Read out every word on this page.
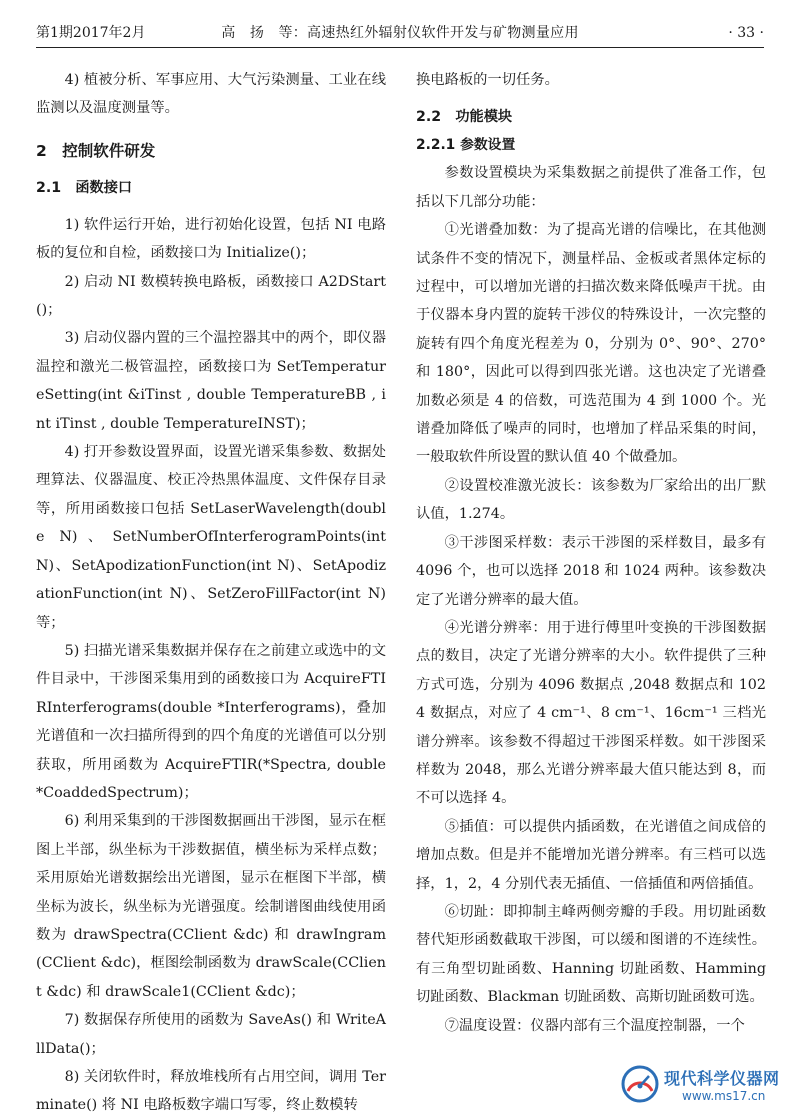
第1期2017年2月	高　扬　等：高速热红外辐射仪软件开发与矿物测量应用	· 33 ·

4) 植被分析、军事应用、大气污染测量、工业在线监测以及温度测量等。

2　控制软件研发
2.1　函数接口

1) 软件运行开始，进行初始化设置，包括 NI 电路板的复位和自检，函数接口为 Initialize()；

2) 启动 NI 数模转换电路板，函数接口 A2DStart()；

3) 启动仪器内置的三个温控器其中的两个，即仪器温控和激光二极管温控，函数接口为 SetTemperatureSetting(int &iTinst , double TemperatureBB , int iTinst , double TemperatureINST)；

4) 打开参数设置界面，设置光谱采集参数、数据处理算法、仪器温度、校正冷热黑体温度、文件保存目录等，所用函数接口包括 SetLaserWavelength(double N)、SetNumberOfInterferogramPoints(int N)、SetApodizationFunction(int N)、SetApodizationFunction(int N)、SetZeroFillFactor(int N) 等；

5) 扫描光谱采集数据并保存在之前建立或选中的文件目录中，干涉图采集用到的函数接口为 AcquireFTIRInterferograms(double *Interferograms)，叠加光谱值和一次扫描所得到的四个角度的光谱值可以分别获取，所用函数为 AcquireFTIR(*Spectra, double *CoaddedSpectrum)；

6) 利用采集到的干涉图数据画出干涉图，显示在框图上半部，纵坐标为干涉数据值，横坐标为采样点数；采用原始光谱数据绘出光谱图，显示在框图下半部，横坐标为波长，纵坐标为光谱强度。绘制谱图曲线使用函数为 drawSpectra(CClient &dc) 和 drawIngram(CClient &dc)，框图绘制函数为 drawScale(CClient &dc) 和 drawScale1(CClient &dc)；

7) 数据保存所使用的函数为 SaveAs() 和 WriteAllData()；

8) 关闭软件时，释放堆栈所有占用空间，调用 Terminate() 将 NI 电路板数字端口写零，终止数模转

换电路板的一切任务。

2.2　功能模块
2.2.1 参数设置

参数设置模块为采集数据之前提供了准备工作，包括以下几部分功能：

①光谱叠加数：为了提高光谱的信噪比，在其他测试条件不变的情况下，测量样品、金板或者黑体定标的过程中，可以增加光谱的扫描次数来降低噪声干扰。由于仪器本身内置的旋转干涉仪的特殊设计，一次完整的旋转有四个角度光程差为 0，分别为 0°、90°、270° 和 180°，因此可以得到四张光谱。这也决定了光谱叠加数必须是 4 的倍数，可选范围为 4 到 1000 个。光谱叠加降低了噪声的同时，也增加了样品采集的时间，一般取软件所设置的默认值 40 个做叠加。

②设置校准激光波长：该参数为厂家给出的出厂默认值，1.274。

③干涉图采样数：表示干涉图的采样数目，最多有 4096 个，也可以选择 2018 和 1024 两种。该参数决定了光谱分辨率的最大值。

④光谱分辨率：用于进行傅里叶变换的干涉图数据点的数目，决定了光谱分辨率的大小。软件提供了三种方式可选，分别为 4096 数据点 ,2048 数据点和 1024 数据点，对应了 4 cm⁻¹、8 cm⁻¹、16cm⁻¹ 三档光谱分辨率。该参数不得超过干涉图采样数。如干涉图采样数为 2048，那么光谱分辨率最大值只能达到 8，而不可以选择 4。

⑤插值：可以提供内插函数，在光谱值之间成倍的增加点数。但是并不能增加光谱分辨率。有三档可以选择，1，2，4 分别代表无插值、一倍插值和两倍插值。

⑥切趾：即抑制主峰两侧旁瓣的手段。用切趾函数替代矩形函数截取干涉图，可以缓和图谱的不连续性。有三角型切趾函数、Hanning 切趾函数、Hamming 切趾函数、Blackman 切趾函数、高斯切趾函数可选。

⑦温度设置：仪器内部有三个温度控制器，一个

现代科学仪器网
www.ms17.cn
